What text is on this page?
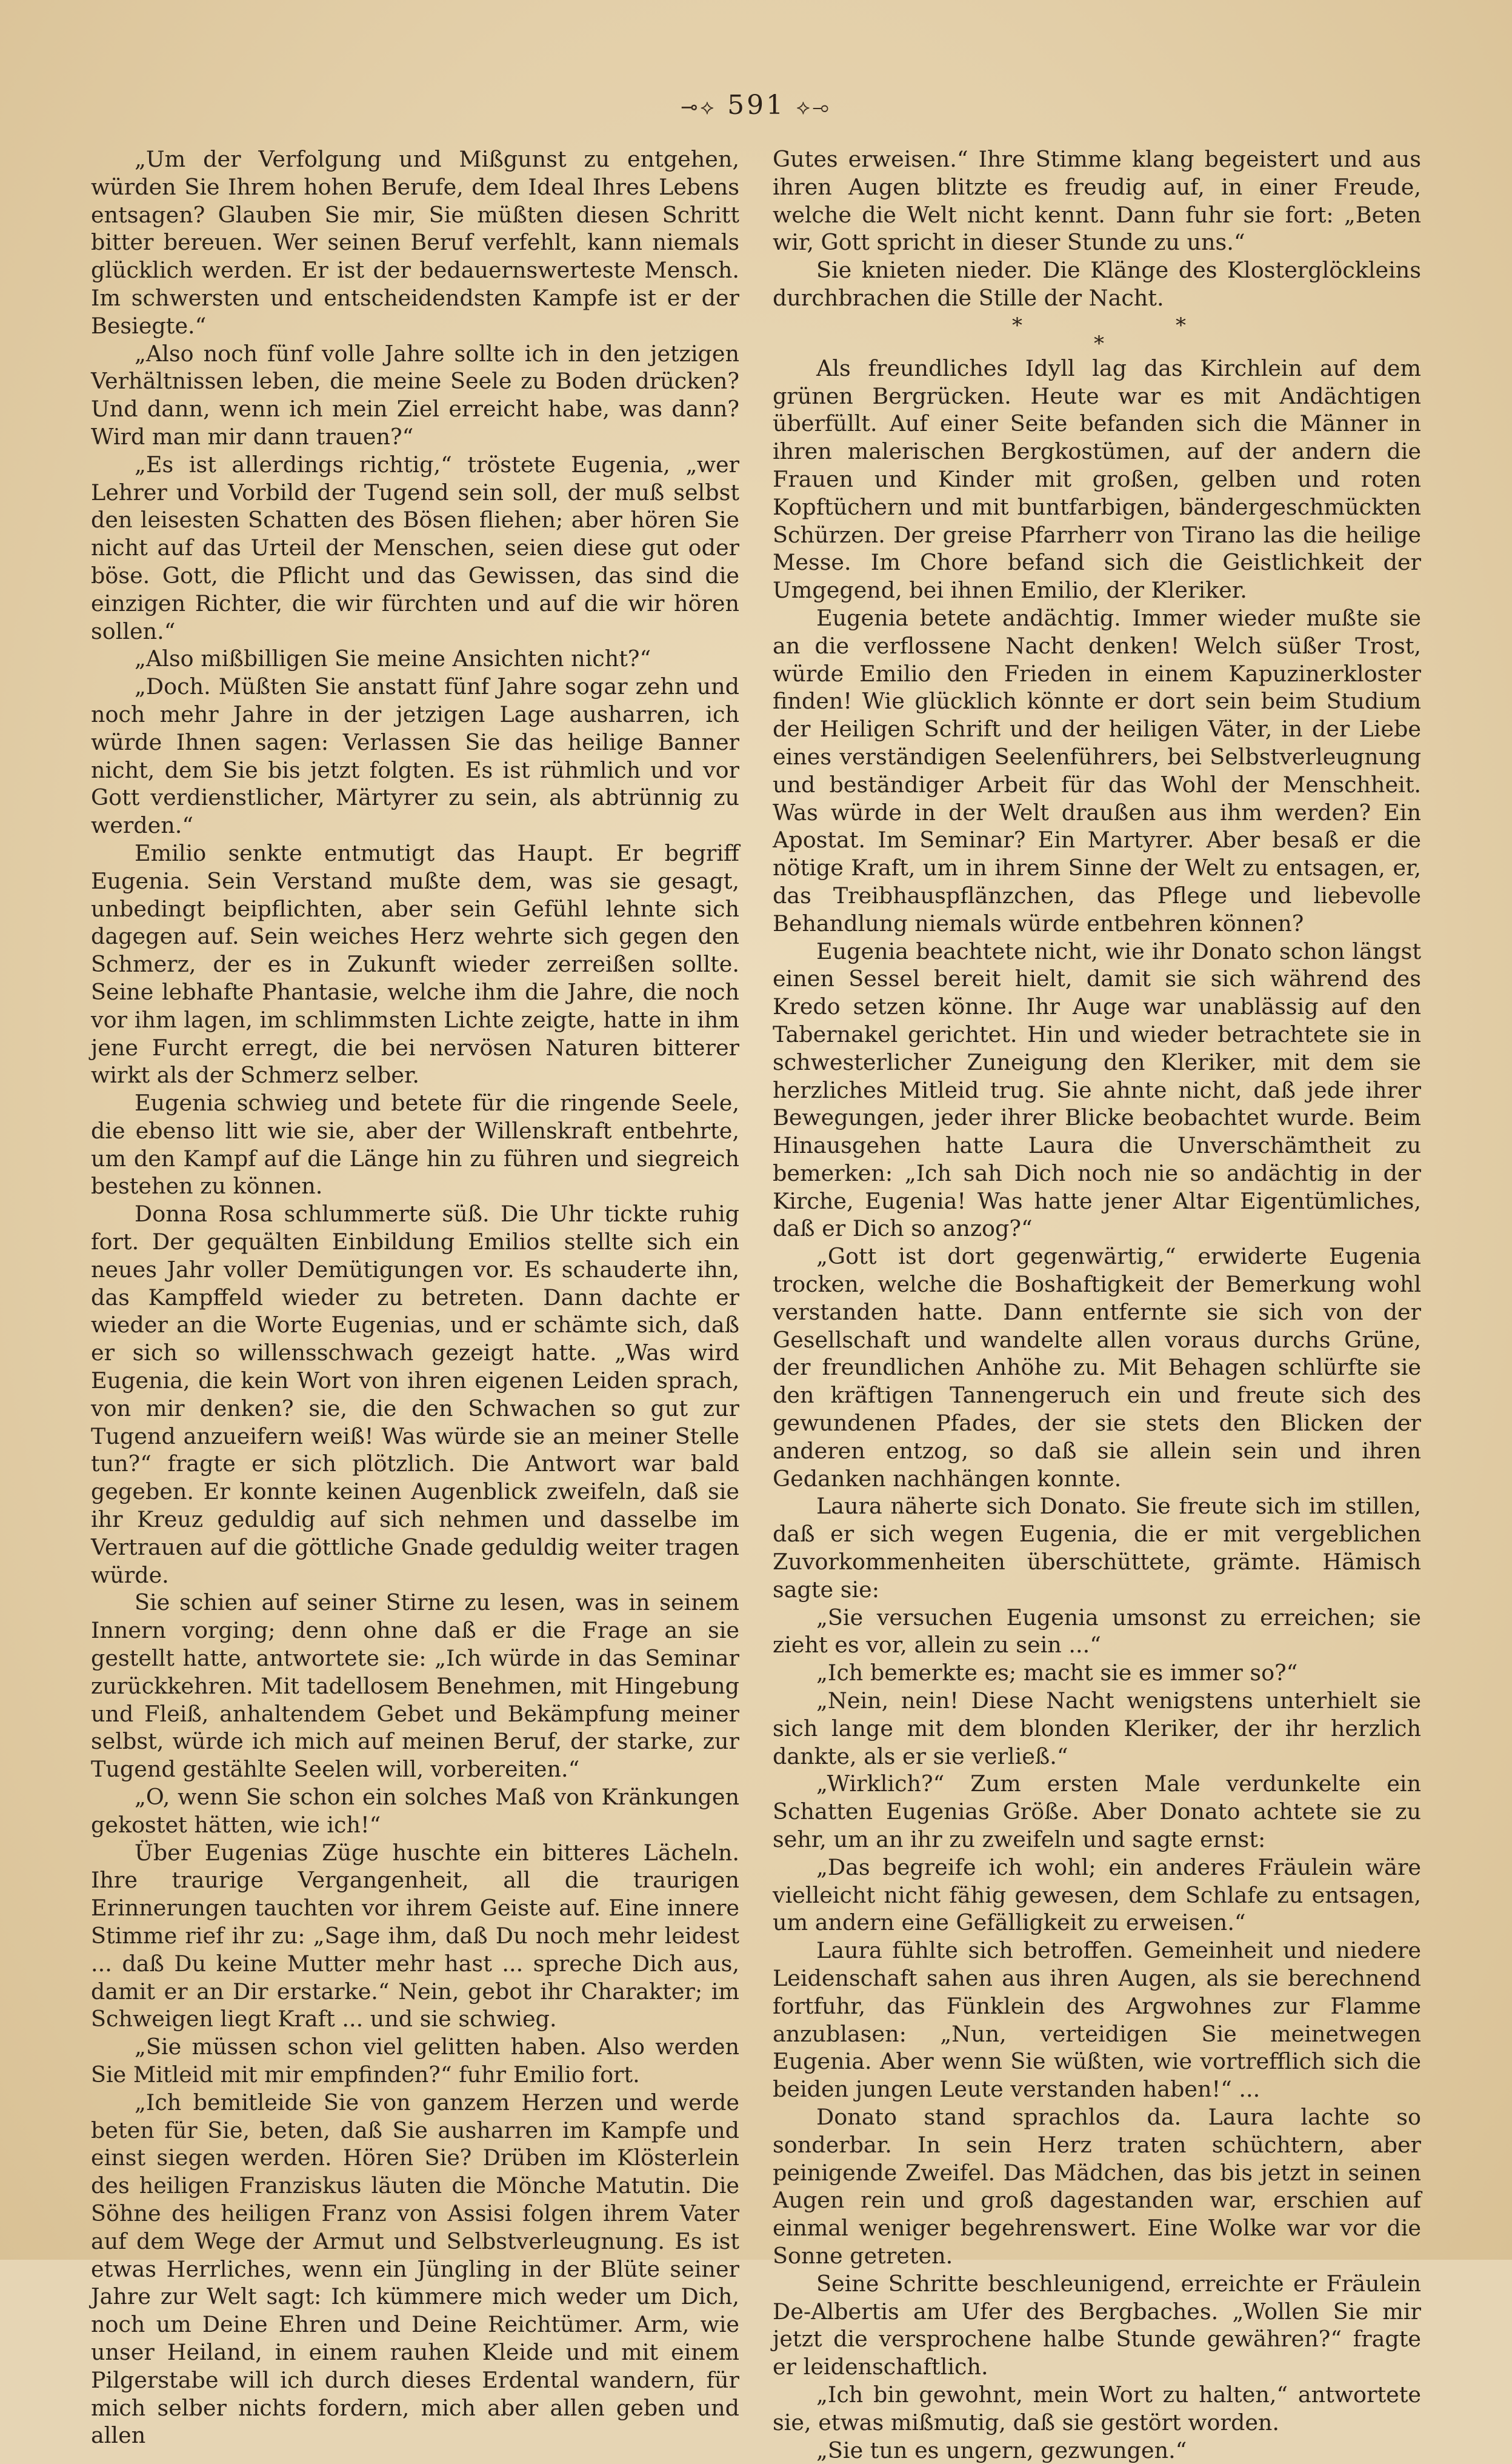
⊸⟡ 591 ⟡⊸

„Um der Verfolgung und Mißgunst zu entgehen, würden Sie Ihrem hohen Berufe, dem Ideal Ihres Lebens entsagen? Glauben Sie mir, Sie müßten diesen Schritt bitter bereuen. Wer seinen Beruf verfehlt, kann niemals glücklich werden. Er ist der bedauernswerteste Mensch. Im schwersten und entscheidendsten Kampfe ist er der Besiegte.“

„Also noch fünf volle Jahre sollte ich in den jetzigen Verhältnissen leben, die meine Seele zu Boden drücken? Und dann, wenn ich mein Ziel erreicht habe, was dann? Wird man mir dann trauen?“

„Es ist allerdings richtig,“ tröstete Eugenia, „wer Lehrer und Vorbild der Tugend sein soll, der muß selbst den leisesten Schatten des Bösen fliehen; aber hören Sie nicht auf das Urteil der Menschen, seien diese gut oder böse. Gott, die Pflicht und das Gewissen, das sind die einzigen Richter, die wir fürchten und auf die wir hören sollen.“

„Also mißbilligen Sie meine Ansichten nicht?“

„Doch. Müßten Sie anstatt fünf Jahre sogar zehn und noch mehr Jahre in der jetzigen Lage ausharren, ich würde Ihnen sagen: Verlassen Sie das heilige Banner nicht, dem Sie bis jetzt folgten. Es ist rühmlich und vor Gott verdienstlicher, Märtyrer zu sein, als abtrünnig zu werden.“

Emilio senkte entmutigt das Haupt. Er begriff Eugenia. Sein Verstand mußte dem, was sie gesagt, unbedingt beipflichten, aber sein Gefühl lehnte sich dagegen auf. Sein weiches Herz wehrte sich gegen den Schmerz, der es in Zukunft wieder zerreißen sollte. Seine lebhafte Phantasie, welche ihm die Jahre, die noch vor ihm lagen, im schlimmsten Lichte zeigte, hatte in ihm jene Furcht erregt, die bei nervösen Naturen bitterer wirkt als der Schmerz selber.

Eugenia schwieg und betete für die ringende Seele, die ebenso litt wie sie, aber der Willenskraft entbehrte, um den Kampf auf die Länge hin zu führen und siegreich bestehen zu können.

Donna Rosa schlummerte süß. Die Uhr tickte ruhig fort. Der gequälten Einbildung Emilios stellte sich ein neues Jahr voller Demütigungen vor. Es schauderte ihn, das Kampffeld wieder zu betreten. Dann dachte er wieder an die Worte Eugenias, und er schämte sich, daß er sich so willensschwach gezeigt hatte. „Was wird Eugenia, die kein Wort von ihren eigenen Leiden sprach, von mir denken? sie, die den Schwachen so gut zur Tugend anzueifern weiß! Was würde sie an meiner Stelle tun?“ fragte er sich plötzlich. Die Antwort war bald gegeben. Er konnte keinen Augenblick zweifeln, daß sie ihr Kreuz geduldig auf sich nehmen und dasselbe im Vertrauen auf die göttliche Gnade geduldig weiter tragen würde.

Sie schien auf seiner Stirne zu lesen, was in seinem Innern vorging; denn ohne daß er die Frage an sie gestellt hatte, antwortete sie: „Ich würde in das Seminar zurückkehren. Mit tadellosem Benehmen, mit Hingebung und Fleiß, anhaltendem Gebet und Bekämpfung meiner selbst, würde ich mich auf meinen Beruf, der starke, zur Tugend gestählte Seelen will, vorbereiten.“

„O, wenn Sie schon ein solches Maß von Kränkungen gekostet hätten, wie ich!“

Über Eugenias Züge huschte ein bitteres Lächeln. Ihre traurige Vergangenheit, all die traurigen Erinnerungen tauchten vor ihrem Geiste auf. Eine innere Stimme rief ihr zu: „Sage ihm, daß Du noch mehr leidest ... daß Du keine Mutter mehr hast ... spreche Dich aus, damit er an Dir erstarke.“ Nein, gebot ihr Charakter; im Schweigen liegt Kraft ... und sie schwieg.

„Sie müssen schon viel gelitten haben. Also werden Sie Mitleid mit mir empfinden?“ fuhr Emilio fort.

„Ich bemitleide Sie von ganzem Herzen und werde beten für Sie, beten, daß Sie ausharren im Kampfe und einst siegen werden. Hören Sie? Drüben im Klösterlein des heiligen Franziskus läuten die Mönche Matutin. Die Söhne des heiligen Franz von Assisi folgen ihrem Vater auf dem Wege der Armut und Selbstverleugnung. Es ist etwas Herrliches, wenn ein Jüngling in der Blüte seiner Jahre zur Welt sagt: Ich kümmere mich weder um Dich, noch um Deine Ehren und Deine Reichtümer. Arm, wie unser Heiland, in einem rauhen Kleide und mit einem Pilgerstabe will ich durch dieses Erdental wandern, für mich selber nichts fordern, mich aber allen geben und allen

Gutes erweisen.“ Ihre Stimme klang begeistert und aus ihren Augen blitzte es freudig auf, in einer Freude, welche die Welt nicht kennt. Dann fuhr sie fort: „Beten wir, Gott spricht in dieser Stunde zu uns.“

Sie knieten nieder. Die Klänge des Klosterglöckleins durchbrachen die Stille der Nacht.

*
*
*

Als freundliches Idyll lag das Kirchlein auf dem grünen Bergrücken. Heute war es mit Andächtigen überfüllt. Auf einer Seite befanden sich die Männer in ihren malerischen Bergkostümen, auf der andern die Frauen und Kinder mit großen, gelben und roten Kopftüchern und mit buntfarbigen, bändergeschmückten Schürzen. Der greise Pfarrherr von Tirano las die heilige Messe. Im Chore befand sich die Geistlichkeit der Umgegend, bei ihnen Emilio, der Kleriker.

Eugenia betete andächtig. Immer wieder mußte sie an die verflossene Nacht denken! Welch süßer Trost, würde Emilio den Frieden in einem Kapuzinerkloster finden! Wie glücklich könnte er dort sein beim Studium der Heiligen Schrift und der heiligen Väter, in der Liebe eines verständigen Seelenführers, bei Selbstverleugnung und beständiger Arbeit für das Wohl der Menschheit. Was würde in der Welt draußen aus ihm werden? Ein Apostat. Im Seminar? Ein Martyrer. Aber besaß er die nötige Kraft, um in ihrem Sinne der Welt zu entsagen, er, das Treibhauspflänzchen, das Pflege und liebevolle Behandlung niemals würde entbehren können?

Eugenia beachtete nicht, wie ihr Donato schon längst einen Sessel bereit hielt, damit sie sich während des Kredo setzen könne. Ihr Auge war unablässig auf den Tabernakel gerichtet. Hin und wieder betrachtete sie in schwesterlicher Zuneigung den Kleriker, mit dem sie herzliches Mitleid trug. Sie ahnte nicht, daß jede ihrer Bewegungen, jeder ihrer Blicke beobachtet wurde. Beim Hinausgehen hatte Laura die Unverschämtheit zu bemerken: „Ich sah Dich noch nie so andächtig in der Kirche, Eugenia! Was hatte jener Altar Eigentümliches, daß er Dich so anzog?“

„Gott ist dort gegenwärtig,“ erwiderte Eugenia trocken, welche die Boshaftigkeit der Bemerkung wohl verstanden hatte. Dann entfernte sie sich von der Gesellschaft und wandelte allen voraus durchs Grüne, der freundlichen Anhöhe zu. Mit Behagen schlürfte sie den kräftigen Tannengeruch ein und freute sich des gewundenen Pfades, der sie stets den Blicken der anderen entzog, so daß sie allein sein und ihren Gedanken nachhängen konnte.

Laura näherte sich Donato. Sie freute sich im stillen, daß er sich wegen Eugenia, die er mit vergeblichen Zuvorkommenheiten überschüttete, grämte. Hämisch sagte sie:

„Sie versuchen Eugenia umsonst zu erreichen; sie zieht es vor, allein zu sein ...“

„Ich bemerkte es; macht sie es immer so?“

„Nein, nein! Diese Nacht wenigstens unterhielt sie sich lange mit dem blonden Kleriker, der ihr herzlich dankte, als er sie verließ.“

„Wirklich?“ Zum ersten Male verdunkelte ein Schatten Eugenias Größe. Aber Donato achtete sie zu sehr, um an ihr zu zweifeln und sagte ernst:

„Das begreife ich wohl; ein anderes Fräulein wäre vielleicht nicht fähig gewesen, dem Schlafe zu entsagen, um andern eine Gefälligkeit zu erweisen.“

Laura fühlte sich betroffen. Gemeinheit und niedere Leidenschaft sahen aus ihren Augen, als sie berechnend fortfuhr, das Fünklein des Argwohnes zur Flamme anzublasen: „Nun, verteidigen Sie meinetwegen Eugenia. Aber wenn Sie wüßten, wie vortrefflich sich die beiden jungen Leute verstanden haben!“ ...

Donato stand sprachlos da. Laura lachte so sonderbar. In sein Herz traten schüchtern, aber peinigende Zweifel. Das Mädchen, das bis jetzt in seinen Augen rein und groß dagestanden war, erschien auf einmal weniger begehrenswert. Eine Wolke war vor die Sonne getreten.

Seine Schritte beschleunigend, erreichte er Fräulein De-Albertis am Ufer des Bergbaches. „Wollen Sie mir jetzt die versprochene halbe Stunde gewähren?“ fragte er leidenschaftlich.

„Ich bin gewohnt, mein Wort zu halten,“ antwortete sie, etwas mißmutig, daß sie gestört worden.

„Sie tun es ungern, gezwungen.“
